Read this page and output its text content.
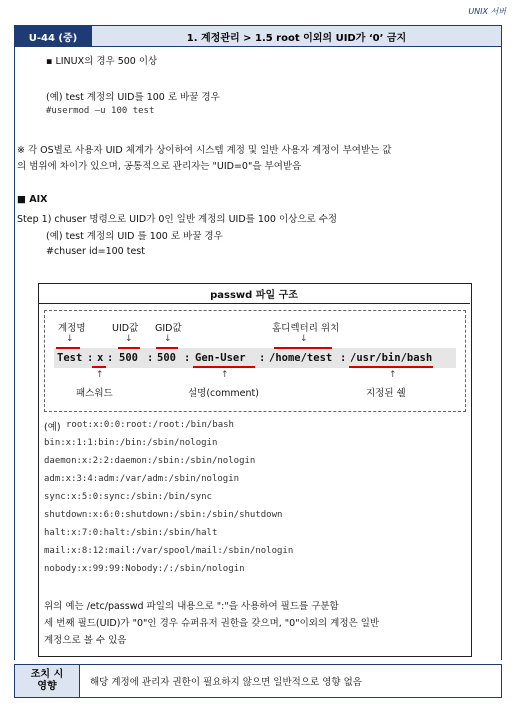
UNIX 서버
U-44 (중)	1. 계정관리 > 1.5 root 이외의 UID가 ‘0’ 금지
▪ LINUX의 경우 500 이상
(예) test 계정의 UID를 100 로 바꿀 경우
#usermod –u 100 test
※ 각 OS별로 사용자 UID 체계가 상이하여 시스템 계정 및 일반 사용자 계정이 부여받는 값
의 범위에 차이가 있으며, 공통적으로 관리자는 "UID=0"을 부여받음
■ AIX
Step 1) chuser 명령으로 UID가 0인 일반 계정의 UID를 100 이상으로 수정
(예) test 계정의 UID 를 100 로 바꿀 경우
#chuser id=100 test
passwd 파일 구조
계정명	UID값 GID값	홈디렉터리 위치
↓	↓	↓	↓
Test : x : 500 : 500 : Gen-User : /home/test : /usr/bin/bash
↑	↑	↑
패스워드	설명(comment)	지정된 쉘
(예) root:x:0:0:root:/root:/bin/bash
bin:x:1:1:bin:/bin:/sbin/nologin
daemon:x:2:2:daemon:/sbin:/sbin/nologin
adm:x:3:4:adm:/var/adm:/sbin/nologin
sync:x:5:0:sync:/sbin:/bin/sync
shutdown:x:6:0:shutdown:/sbin:/sbin/shutdown
halt:x:7:0:halt:/sbin:/sbin/halt
mail:x:8:12:mail:/var/spool/mail:/sbin/nologin
nobody:x:99:99:Nobody:/:/sbin/nologin
위의 예는 /etc/passwd 파일의 내용으로 ":"을 사용하여 필드를 구분함
세 번째 필드(UID)가 "0"인 경우 슈퍼유저 권한을 갖으며, "0"이외의 계정은 일반
계정으로 볼 수 있음
조치 시
영향	해당 계정에 관리자 권한이 필요하지 않으면 일반적으로 영향 없음
